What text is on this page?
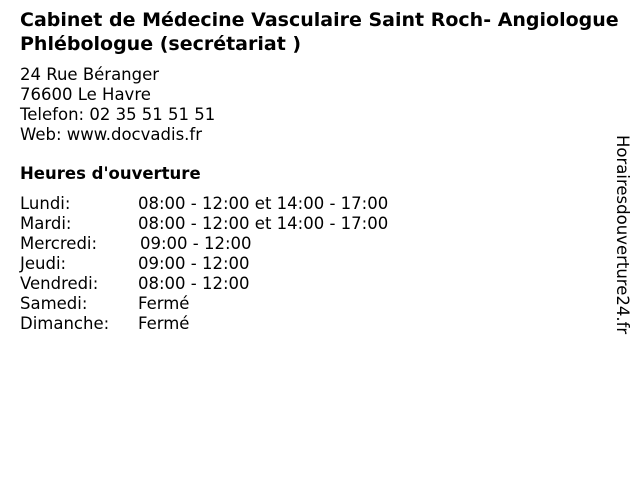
Cabinet de Médecine Vasculaire Saint Roch- Angiologue Phlébologue (secrétariat )
24 Rue Béranger
76600 Le Havre
Telefon: 02 35 51 51 51
Web: www.docvadis.fr
Heures d'ouverture
Lundi:	08:00 - 12:00 et 14:00 - 17:00
Mardi:	08:00 - 12:00 et 14:00 - 17:00
Mercredi:	09:00 - 12:00
Jeudi:	09:00 - 12:00
Vendredi:	08:00 - 12:00
Samedi:	Fermé
Dimanche:	Fermé	Horairesdouverture24.fr
